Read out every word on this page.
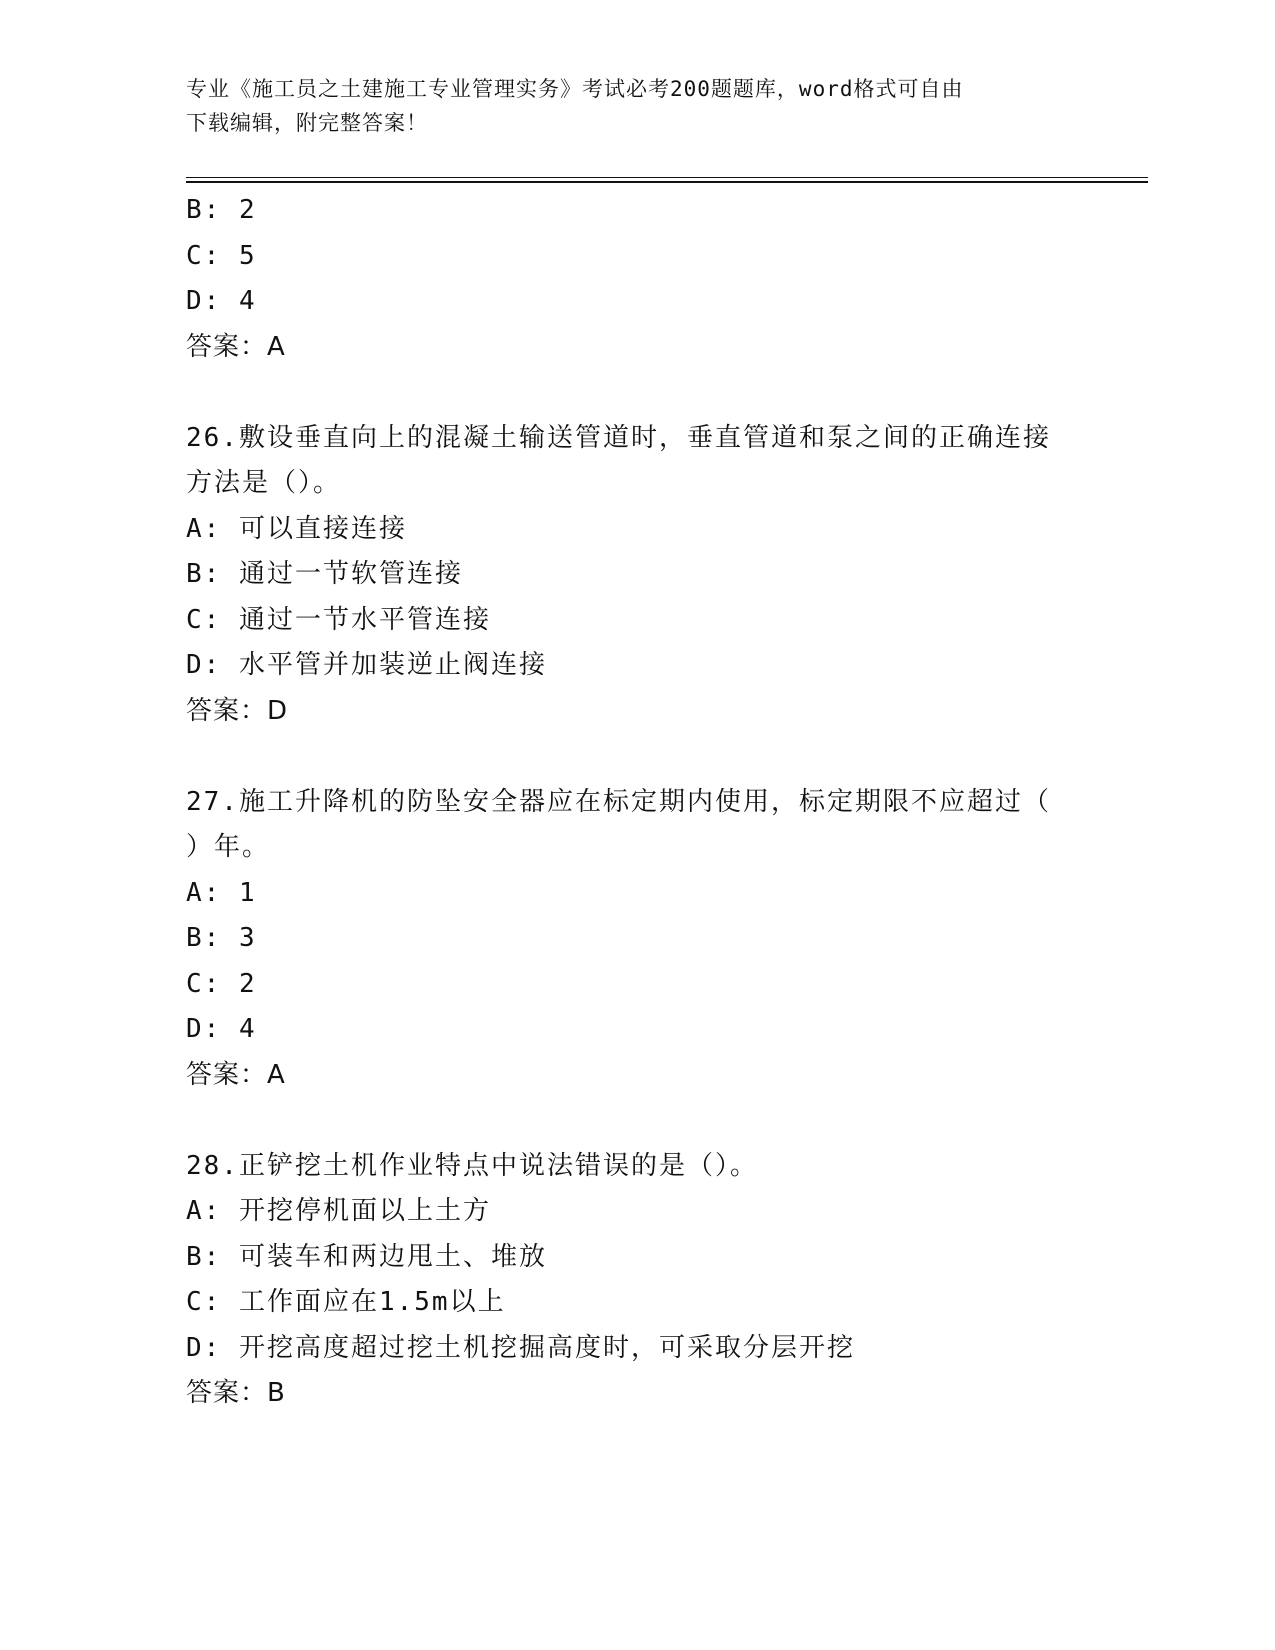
专业《施工员之土建施工专业管理实务》考试必考200题题库，word格式可自由
下载编辑，附完整答案！
B: 2
C: 5
D: 4
答案：A
26.敷设垂直向上的混凝土输送管道时，垂直管道和泵之间的正确连接
方法是（）。
A: 可以直接连接
B: 通过一节软管连接
C: 通过一节水平管连接
D: 水平管并加装逆止阀连接
答案：D
27.施工升降机的防坠安全器应在标定期内使用，标定期限不应超过（
）年。
A: 1
B: 3
C: 2
D: 4
答案：A
28.正铲挖土机作业特点中说法错误的是（）。
A: 开挖停机面以上土方
B: 可装车和两边甩土、堆放
C: 工作面应在1.5m以上
D: 开挖高度超过挖土机挖掘高度时，可采取分层开挖
答案：B
